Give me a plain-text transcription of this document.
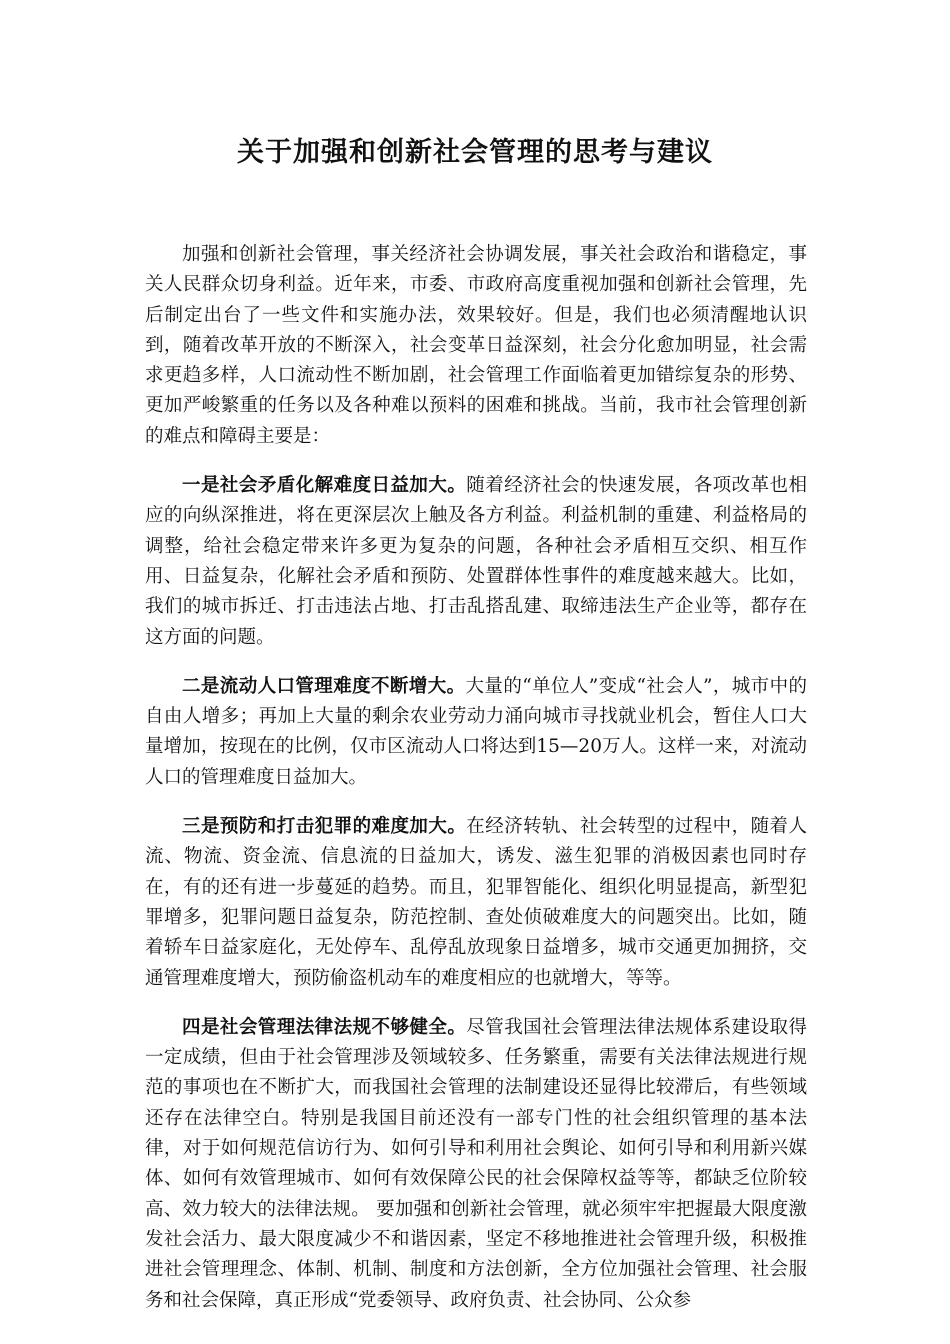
关于加强和创新社会管理的思考与建议

加强和创新社会管理，事关经济社会协调发展，事关社会政治和谐稳定，事关人民群众切身利益。近年来，市委、市政府高度重视加强和创新社会管理，先后制定出台了一些文件和实施办法，效果较好。但是，我们也必须清醒地认识到，随着改革开放的不断深入，社会变革日益深刻，社会分化愈加明显，社会需求更趋多样，人口流动性不断加剧，社会管理工作面临着更加错综复杂的形势、更加严峻繁重的任务以及各种难以预料的困难和挑战。当前，我市社会管理创新的难点和障碍主要是：

一是社会矛盾化解难度日益加大。随着经济社会的快速发展，各项改革也相应的向纵深推进，将在更深层次上触及各方利益。利益机制的重建、利益格局的调整，给社会稳定带来许多更为复杂的问题，各种社会矛盾相互交织、相互作用、日益复杂，化解社会矛盾和预防、处置群体性事件的难度越来越大。比如，我们的城市拆迁、打击违法占地、打击乱搭乱建、取缔违法生产企业等，都存在这方面的问题。

二是流动人口管理难度不断增大。大量的“单位人”变成“社会人”，城市中的自由人增多；再加上大量的剩余农业劳动力涌向城市寻找就业机会，暂住人口大量增加，按现在的比例，仅市区流动人口将达到15—20万人。这样一来，对流动人口的管理难度日益加大。

三是预防和打击犯罪的难度加大。在经济转轨、社会转型的过程中，随着人流、物流、资金流、信息流的日益加大，诱发、滋生犯罪的消极因素也同时存在，有的还有进一步蔓延的趋势。而且，犯罪智能化、组织化明显提高，新型犯罪增多，犯罪问题日益复杂，防范控制、查处侦破难度大的问题突出。比如，随着轿车日益家庭化，无处停车、乱停乱放现象日益增多，城市交通更加拥挤，交通管理难度增大，预防偷盗机动车的难度相应的也就增大，等等。

四是社会管理法律法规不够健全。尽管我国社会管理法律法规体系建设取得一定成绩，但由于社会管理涉及领域较多、任务繁重，需要有关法律法规进行规范的事项也在不断扩大，而我国社会管理的法制建设还显得比较滞后，有些领域还存在法律空白。特别是我国目前还没有一部专门性的社会组织管理的基本法律，对于如何规范信访行为、如何引导和利用社会舆论、如何引导和利用新兴媒体、如何有效管理城市、如何有效保障公民的社会保障权益等等，都缺乏位阶较高、效力较大的法律法规。 要加强和创新社会管理，就必须牢牢把握最大限度激发社会活力、最大限度减少不和谐因素，坚定不移地推进社会管理升级，积极推进社会管理理念、体制、机制、制度和方法创新，全方位加强社会管理、社会服务和社会保障，真正形成“党委领导、政府负责、社会协同、公众参
